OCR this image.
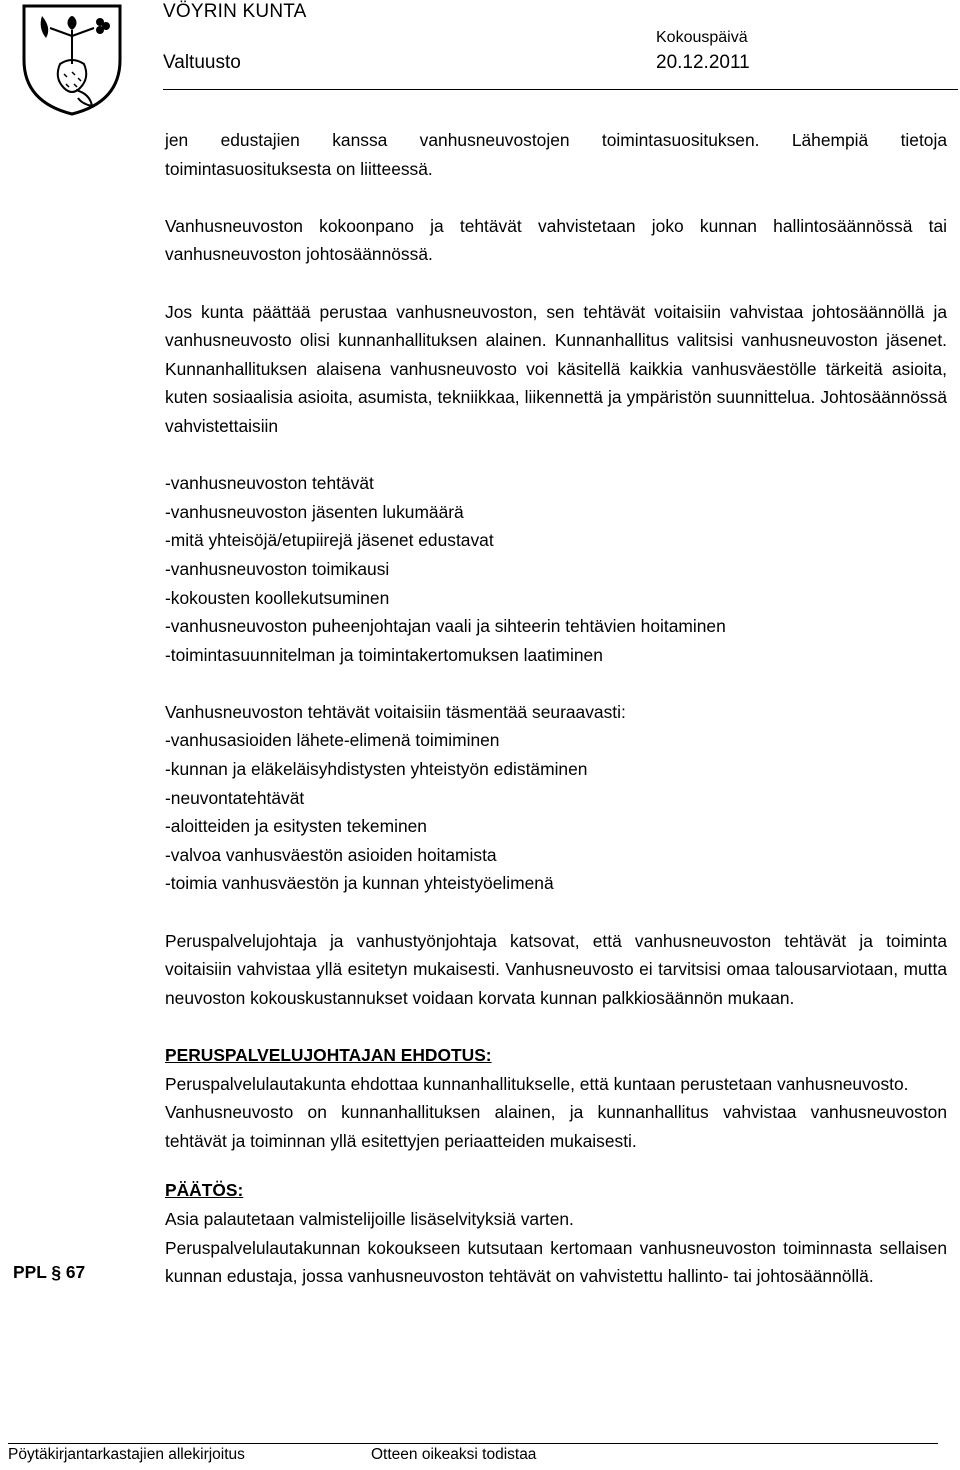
VÖYRIN KUNTA
Valtuusto
Kokouspäivä
20.12.2011

jen edustajien kanssa vanhusneuvostojen toimintasuosituksen. Lähempiä tietoja toimintasuosituksesta on liitteessä.

Vanhusneuvoston kokoonpano ja tehtävät vahvistetaan joko kunnan hallintosäännössä tai vanhusneuvoston johtosäännössä.

Jos kunta päättää perustaa vanhusneuvoston, sen tehtävät voitaisiin vahvistaa johtosäännöllä ja vanhusneuvosto olisi kunnanhallituksen alainen. Kunnanhallitus valitsisi vanhusneuvoston jäsenet. Kunnanhallituksen alaisena vanhusneuvosto voi käsitellä kaikkia vanhusväestölle tärkeitä asioita, kuten sosiaalisia asioita, asumista, tekniikkaa, liikennettä ja ympäristön suunnittelua. Johtosäännössä vahvistettaisiin

-vanhusneuvoston tehtävät
-vanhusneuvoston jäsenten lukumäärä
-mitä yhteisöjä/etupiirejä jäsenet edustavat
-vanhusneuvoston toimikausi
-kokousten koollekutsuminen
-vanhusneuvoston puheenjohtajan vaali ja sihteerin tehtävien hoitaminen
-toimintasuunnitelman ja toimintakertomuksen laatiminen

Vanhusneuvoston tehtävät voitaisiin täsmentää seuraavasti:

-vanhusasioiden lähete-elimenä toimiminen
-kunnan ja eläkeläisyhdistysten yhteistyön edistäminen
-neuvontatehtävät
-aloitteiden ja esitysten tekeminen
-valvoa vanhusväestön asioiden hoitamista
-toimia vanhusväestön ja kunnan yhteistyöelimenä

Peruspalvelujohtaja ja vanhustyönjohtaja katsovat, että vanhusneuvoston tehtävät ja toiminta voitaisiin vahvistaa yllä esitetyn mukaisesti. Vanhusneuvosto ei tarvitsisi omaa talousarviotaan, mutta neuvoston kokouskustannukset voidaan korvata kunnan palkkiosäännön mukaan.

PERUSPALVELUJOHTAJAN EHDOTUS:

Peruspalvelulautakunta ehdottaa kunnanhallitukselle, että kuntaan perustetaan vanhusneuvosto.

Vanhusneuvosto on kunnanhallituksen alainen, ja kunnanhallitus vahvistaa vanhusneuvoston tehtävät ja toiminnan yllä esitettyjen periaatteiden mukaisesti.

PÄÄTÖS:

Asia palautetaan valmistelijoille lisäselvityksiä varten.

Peruspalvelulautakunnan kokoukseen kutsutaan kertomaan vanhusneuvoston toiminnasta sellaisen kunnan edustaja, jossa vanhusneuvoston tehtävät on vahvistettu hallinto- tai johtosäännöllä.

PPL § 67
Pöytäkirjantarkastajien allekirjoitus	Otteen oikeaksi todistaa
